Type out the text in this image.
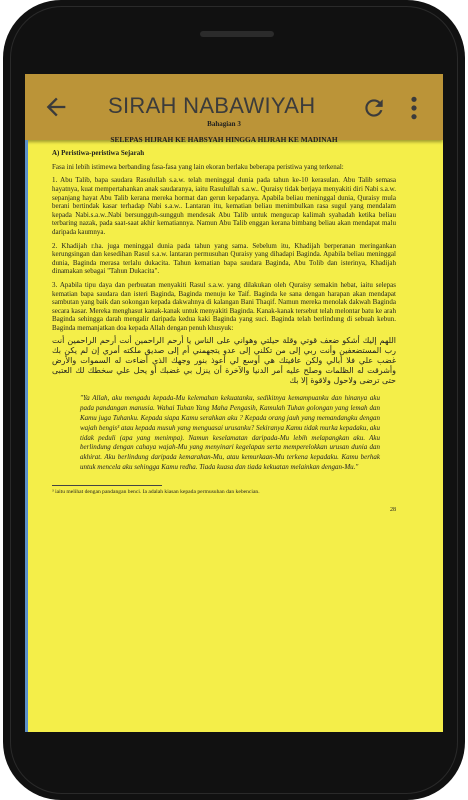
SIRAH NABAWIYAH
Bahagian 3
SELEPAS HIJRAH KE HABSYAH HINGGA HIJRAH KE MADINAH
A) Peristiwa-peristiwa Sejarah

Fasa ini lebih istimewa berbanding fasa-fasa yang lain ekoran berlaku beberapa peristiwa yang terkenal:

1. Abu Talib, bapa saudara Rasulullah s.a.w. telah meninggal dunia pada tahun ke-10 kerasulan. Abu Talib semasa hayatnya, kuat mempertahankan anak saudaranya, iaitu Rasulullah s.a.w.. Quraisy tidak berjaya menyakiti diri Nabi s.a.w. sepanjang hayat Abu Talib kerana mereka hormat dan gerun kepadanya. Apabila beliau meninggal dunia, Quraisy mula berani bertindak kasar terhadap Nabi s.a.w.. Lantaran itu, kematian beliau menimbulkan rasa sugul yang mendalam kepada Nabi.s.a.w..Nabi bersungguh-sungguh mendesak Abu Talib untuk mengucap kalimah syahadah ketika beliau terbaring nazak, pada saat-saat akhir kematiannya. Namun Abu Talib enggan kerana bimbang beliau akan mendapat malu daripada kaumnya.

2. Khadijah r.ha. juga meninggal dunia pada tahun yang sama. Sebelum itu, Khadijah berperanan meringankan kerungsingan dan kesedihan Rasul s.a.w. lantaran permusuhan Quraisy yang dihadapi Baginda. Apabila beliau meninggal dunia, Baginda merasa terlalu dukacita. Tahun kematian bapa saudara Baginda, Abu Tolib dan isterinya, Khadijah dinamakan sebagai "Tahun Dukacita".

3. Apabila tipu daya dan perbuatan menyakiti Rasul s.a.w. yang dilakukan oleh Quraisy semakin hebat, iaitu selepas kematian bapa saudara dan isteri Baginda, Baginda menuju ke Taif. Baginda ke sana dengan harapan akan mendapat sambutan yang baik dan sokongan kepada dakwahnya di kalangan Bani Thaqif. Namun mereka menolak dakwah Baginda secara kasar. Mereka menghasut kanak-kanak untuk menyakiti Baginda. Kanak-kanak tersebut telah melontar batu ke arah Baginda sehingga darah mengalir daripada kedua kaki Baginda yang suci. Baginda telah berlindung di sebuah kebun. Baginda memanjatkan doa kepada Allah dengan penuh khusyuk:

اللهم إليك أشكو ضعف قوتي وقلة حيلتي وهواني على الناس يا أرحم الراحمين أنت أرحم الراحمين أنت رب المستضعفين وأنت ربي إلى من تكلني إلى عدو يتجهمني أم إلى صديق ملكته أمري إن لم يكن بك غضب علي فلا أبالي ولكن عافيتك هي أوسع لي أعوذ بنور وجهك الذي أضاءت له السموات والأرض وأشرقت له الظلمات وصلح عليه أمر الدنيا والآخرة أن ينزل بي غضبك أو يحل علي سخطك لك العتبى حتى ترضى ولاحول ولاقوة إلا بك
"Ya Allah, aku mengadu kepada-Mu kelemahan kekuatanku, sedikitnya kemampuanku dan hinanya aku pada pandangan manusia. Wahai Tuhan Yang Maha Pengasih, Kamulah Tuhan golongan yang lemah dan Kamu juga Tuhanku. Kepada siapa Kamu serahkan aku ? Kepada orang jauh yang memandangku dengan wajah bengis³ atau kepada musuh yang menguasai urusanku? Sekiranya Kamu tidak murka kepadaku, aku tidak peduli (apa yang menimpa). Namun keselamatan daripada-Mu lebih melapangkan aku. Aku berlindung dengan cahaya wajah-Mu yang menyinari kegelapan serta memperelokkan urusan dunia dan akhirat. Aku berlindung daripada kemarahan-Mu, atau kemurkaan-Mu terkena kepadaku. Kamu berhak untuk mencela aku sehingga Kamu redha. Tiada kuasa dan tiada kekuatan melainkan dengan-Mu."
³ iaitu melihat dengan pandangan benci. Ia adalah kiasan kepada permusuhan dan kebencian.
28
